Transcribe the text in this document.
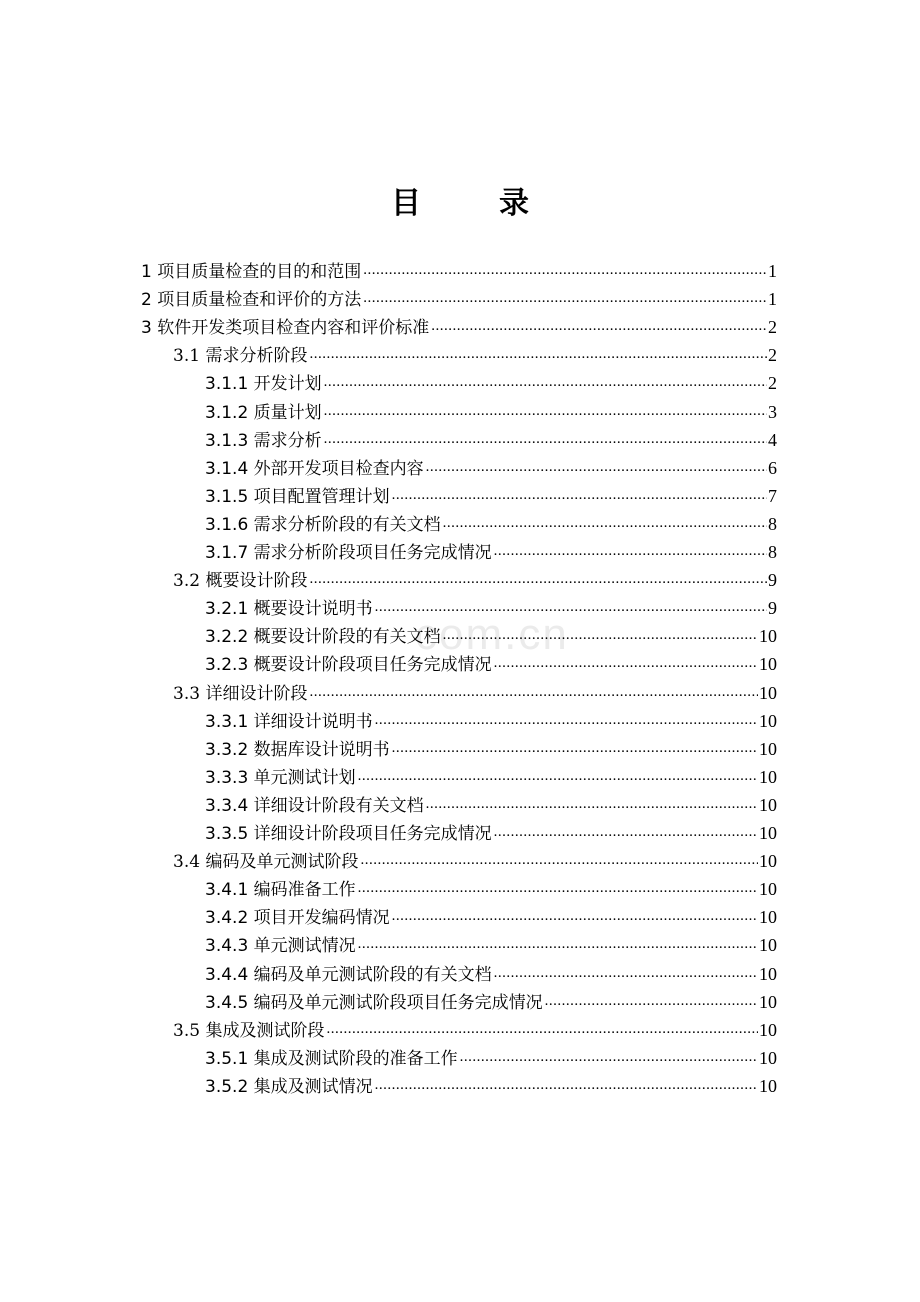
目	录
com.cn
1 项目质量检查的目的和范围 .....	1
2 项目质量检查和评价的方法 .....	1
3 软件开发类项目检查内容和评价标准 .....	2
3.1 需求分析阶段 .....	2
3.1.1 开发计划 .....	2
3.1.2 质量计划 .....	3
3.1.3 需求分析 .....	4
3.1.4 外部开发项目检查内容 .....	6
3.1.5 项目配置管理计划 .....	7
3.1.6 需求分析阶段的有关文档 .....	8
3.1.7 需求分析阶段项目任务完成情况 .....	8
3.2 概要设计阶段 .....	9
3.2.1 概要设计说明书 .....	9
3.2.2 概要设计阶段的有关文档 .....	10
3.2.3 概要设计阶段项目任务完成情况 .....	10
3.3 详细设计阶段 .....	10
3.3.1 详细设计说明书 .....	10
3.3.2 数据库设计说明书 .....	10
3.3.3 单元测试计划 .....	10
3.3.4 详细设计阶段有关文档 .....	10
3.3.5 详细设计阶段项目任务完成情况 .....	10
3.4 编码及单元测试阶段 .....	10
3.4.1 编码准备工作 .....	10
3.4.2 项目开发编码情况 .....	10
3.4.3 单元测试情况 .....	10
3.4.4 编码及单元测试阶段的有关文档 .....	10
3.4.5 编码及单元测试阶段项目任务完成情况 .....	10
3.5 集成及测试阶段 .....	10
3.5.1 集成及测试阶段的准备工作 .....	10
3.5.2 集成及测试情况 .....	10
